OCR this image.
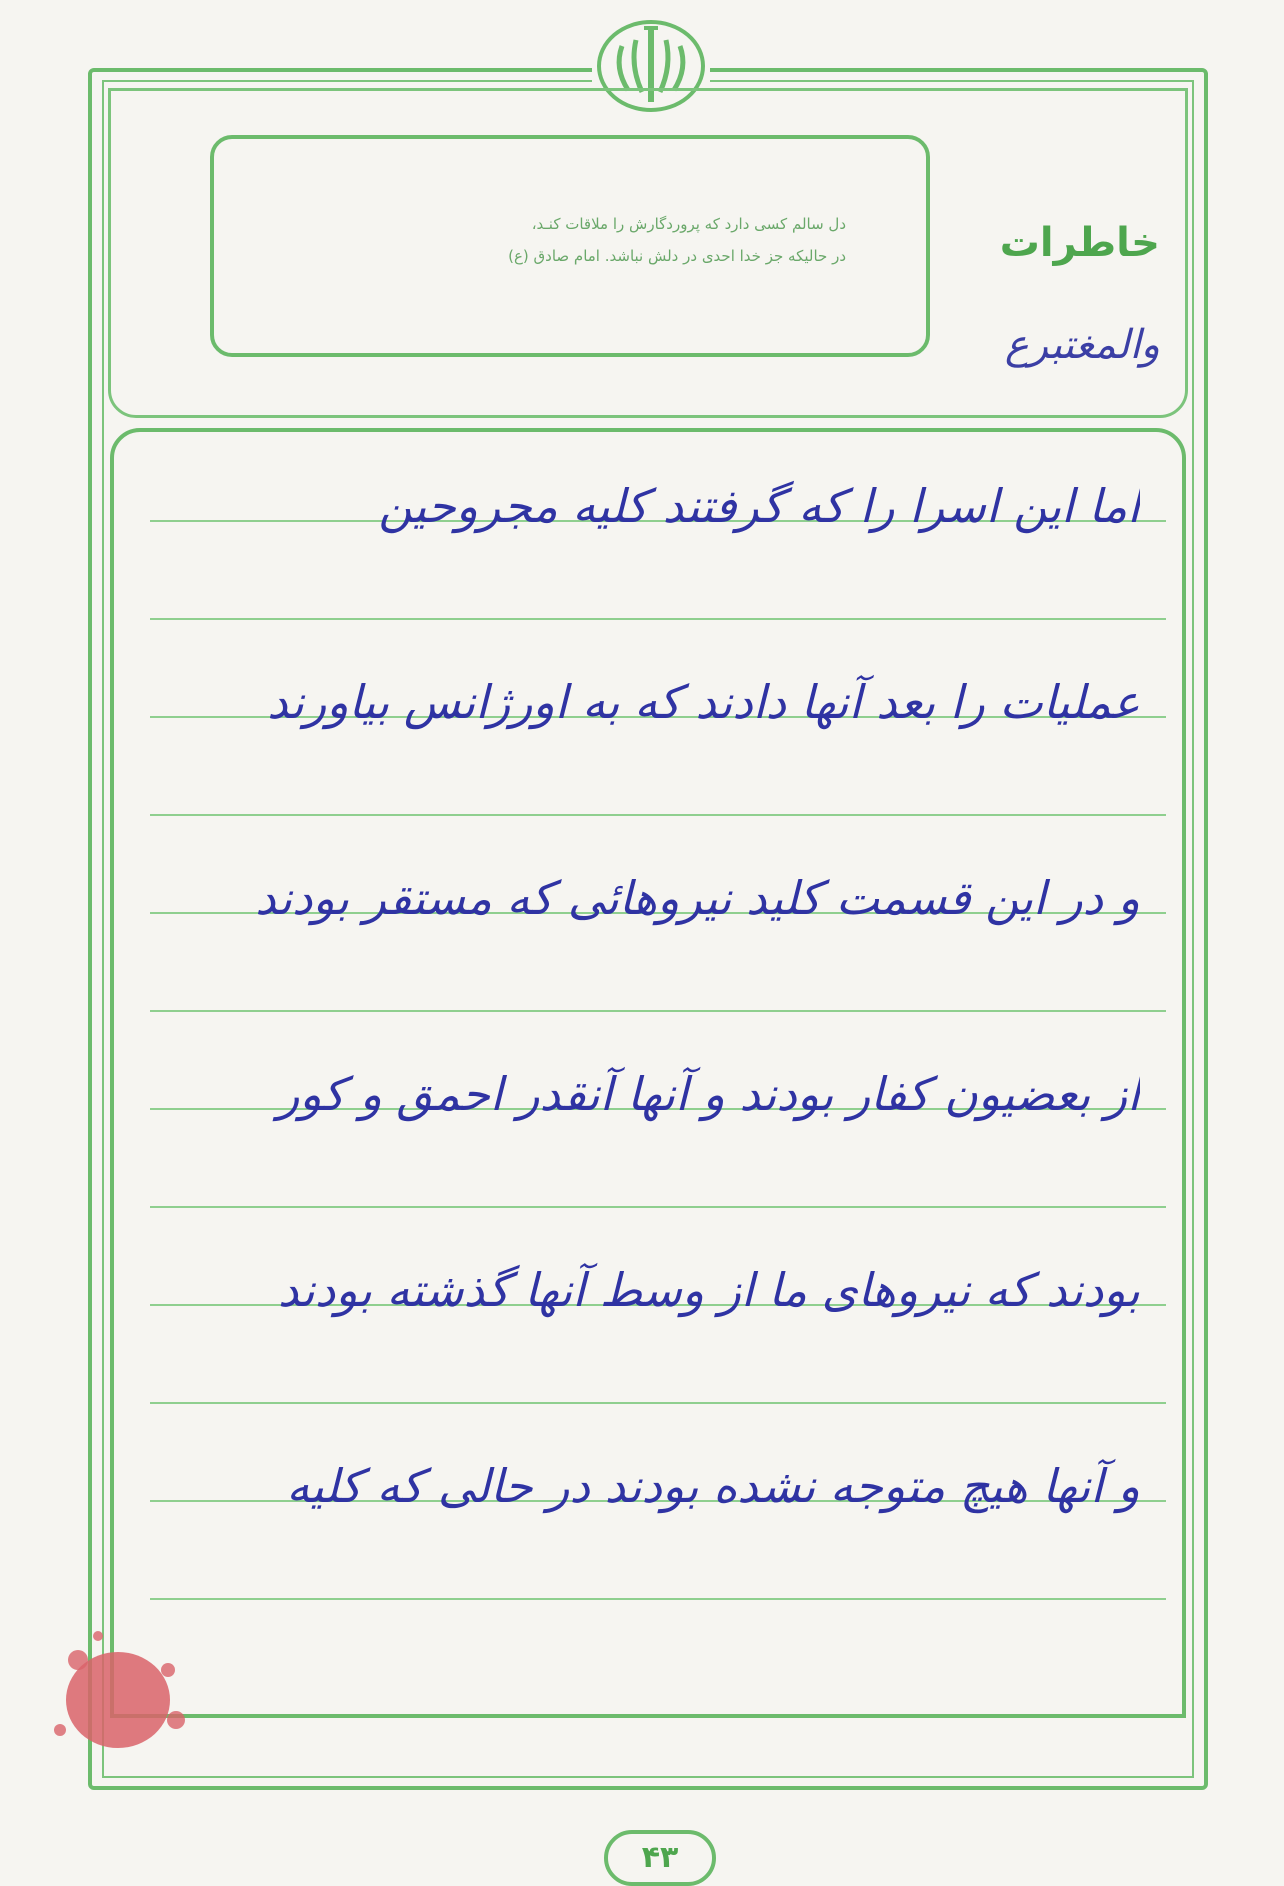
دل سالم کسی دارد که پروردگارش را ملاقات کنـد،
در حالیکه جز خدا احدی در دلش نباشد. امام صادق (ع)	خاطرات
والمغتبرع
اما این اسرا را که گرفتند کلیه مجروحین
عملیات را بعد آنها دادند که به اورژانس بیاورند
و در این قسمت کلید نیروهائی که مستقر بودند
از بعضیون کفار بودند و آنها آنقدر احمق و کور
بودند که نیروهای ما از وسط آنها گذشته بودند
و آنها هیچ متوجه نشده بودند در حالی که کلیه
۴۳
